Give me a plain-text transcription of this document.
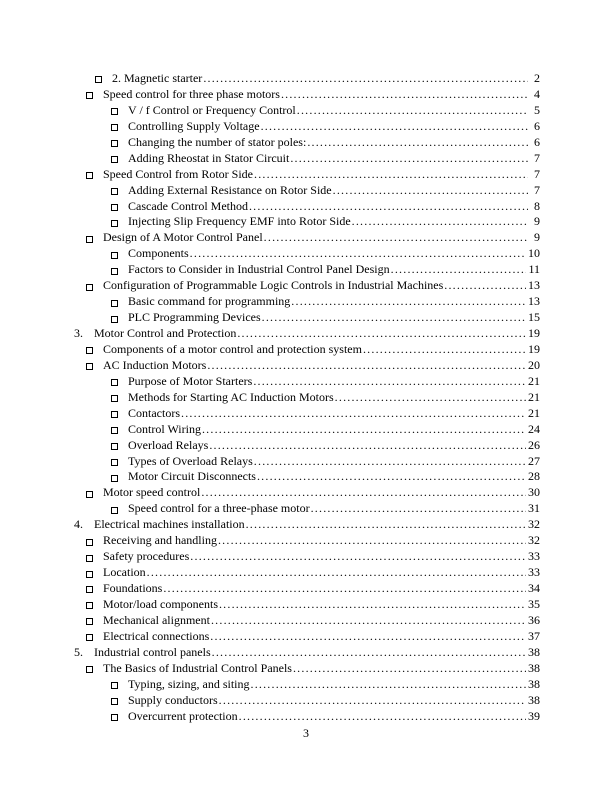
2. Magnetic starter .....	2
Speed control for three phase motors .....	4
V / f Control or Frequency Control .....	5
Controlling Supply Voltage .....	6
Changing the number of stator poles: .....	6
Adding Rheostat in Stator Circuit .....	7
Speed Control from Rotor Side .....	7
Adding External Resistance on Rotor Side .....	7
Cascade Control Method .....	8
Injecting Slip Frequency EMF into Rotor Side .....	9
Design of A Motor Control Panel .....	9
Components .....	10
Factors to Consider in Industrial Control Panel Design .....	11
Configuration of Programmable Logic Controls in Industrial Machines .....	13
Basic command for programming .....	13
PLC Programming Devices .....	15
3. Motor Control and Protection .....	19
Components of a motor control and protection system .....	19
AC Induction Motors .....	20
Purpose of Motor Starters .....	21
Methods for Starting AC Induction Motors .....	21
Contactors .....	21
Control Wiring .....	24
Overload Relays .....	26
Types of Overload Relays .....	27
Motor Circuit Disconnects .....	28
Motor speed control .....	30
Speed control for a three-phase motor .....	31
4. Electrical machines installation .....	32
Receiving and handling .....	32
Safety procedures .....	33
Location .....	33
Foundations .....	34
Motor/load components .....	35
Mechanical alignment .....	36
Electrical connections .....	37
5. Industrial control panels .....	38
The Basics of Industrial Control Panels .....	38
Typing, sizing, and siting .....	38
Supply conductors .....	38
Overcurrent protection .....	39
3
